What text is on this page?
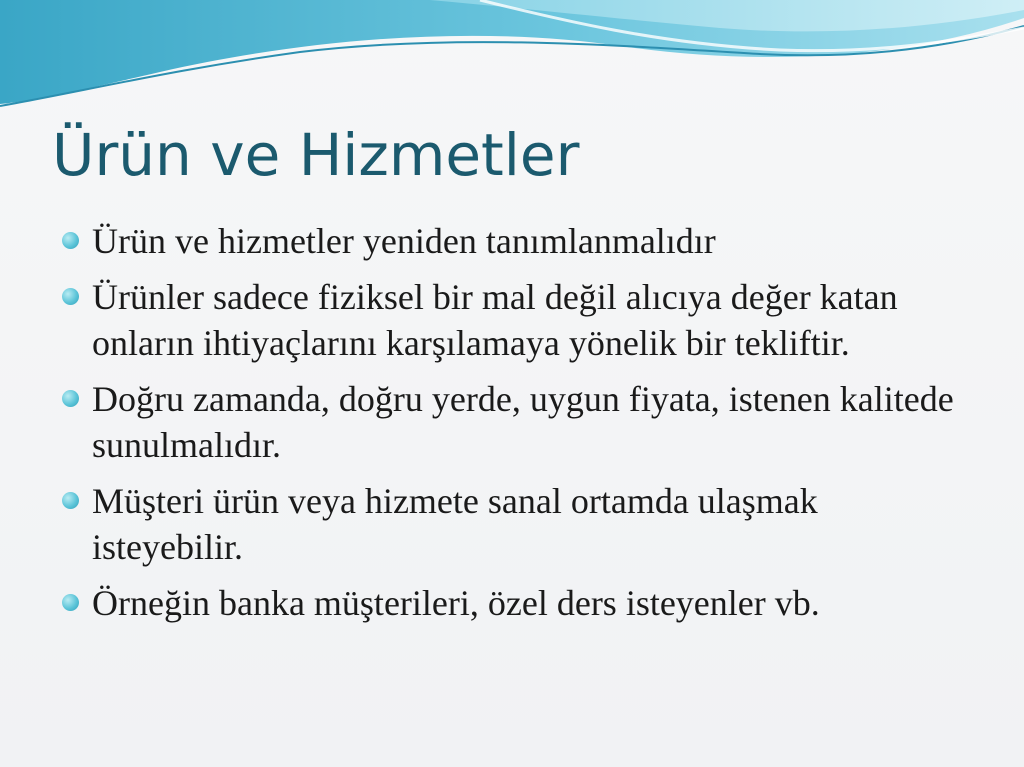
Ürün ve Hizmetler
Ürün ve hizmetler yeniden tanımlanmalıdır
Ürünler sadece fiziksel bir mal değil alıcıya değer katan onların ihtiyaçlarını karşılamaya yönelik bir tekliftir.
Doğru zamanda, doğru yerde, uygun fiyata, istenen kalitede sunulmalıdır.
Müşteri ürün veya hizmete sanal ortamda ulaşmak isteyebilir.
Örneğin banka müşterileri, özel ders isteyenler vb.
